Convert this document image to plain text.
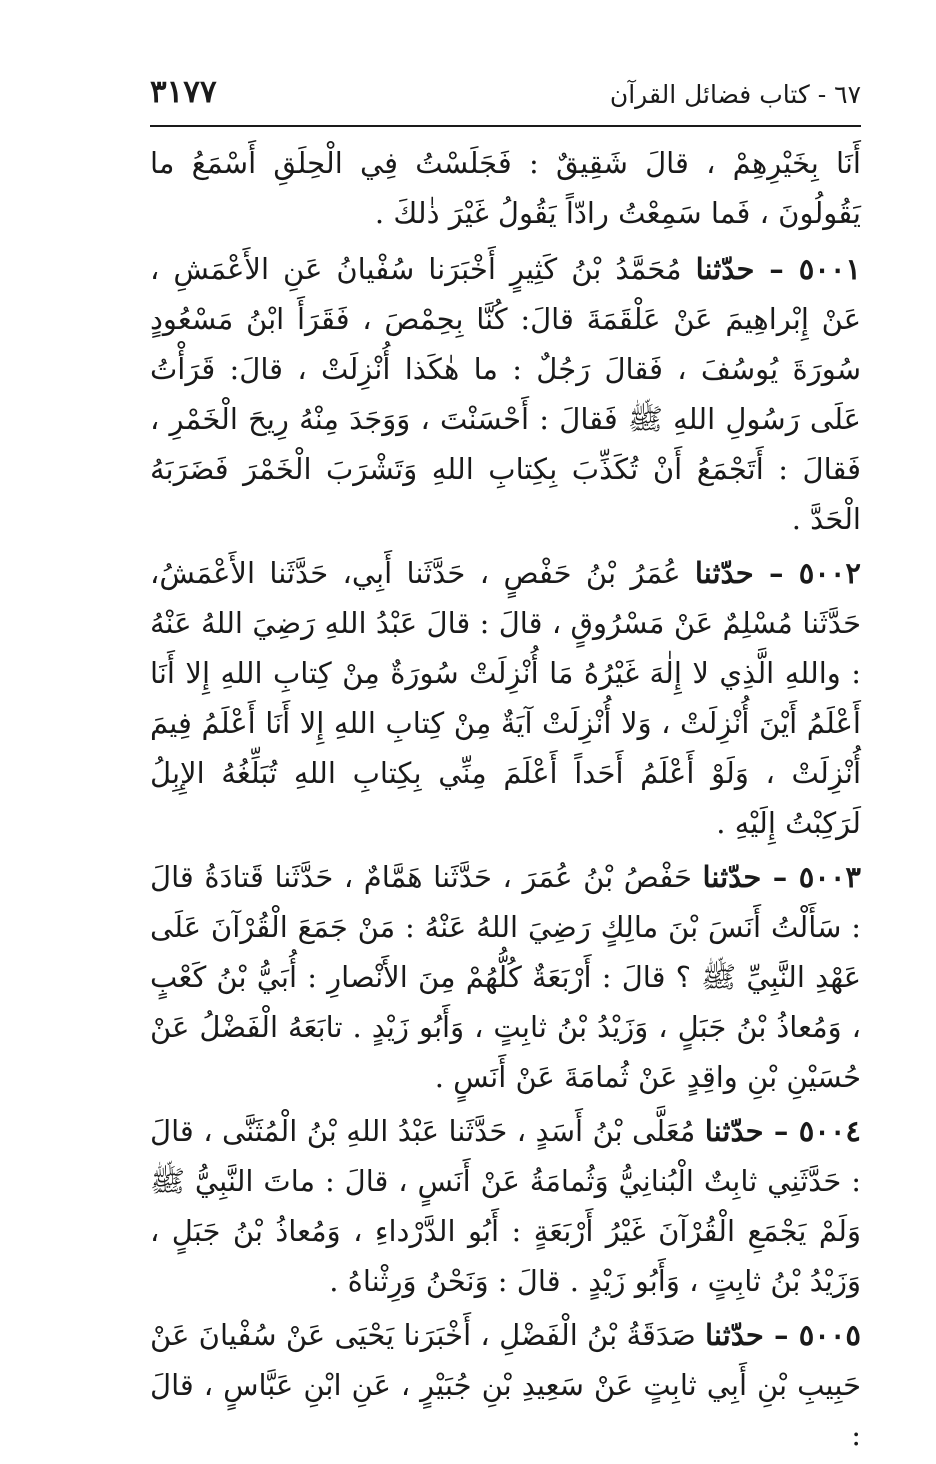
٦٧ - كتاب فضائل القرآن
٣١٧٧

أَنَا بِخَيْرِهِمْ ، قالَ شَقِيقٌ : فَجَلَسْتُ فِي الْحِلَقِ أَسْمَعُ ما يَقُولُونَ ، فَما سَمِعْتُ رادّاً يَقُولُ غَيْرَ ذٰلكَ .

٥٠٠١ – حدّثنا مُحَمَّدُ بْنُ كَثِيرٍ أَخْبَرَنا سُفْيانُ عَنِ الأَعْمَشِ ، عَنْ إِبْراهِيمَ عَنْ عَلْقَمَةَ قالَ: كُنَّا بِحِمْصَ ، فَقَرَأَ ابْنُ مَسْعُودٍ سُورَةَ يُوسُفَ ، فَقالَ رَجُلٌ : ما هٰكَذا أُنْزِلَتْ ، قالَ: قَرَأْتُ عَلَى رَسُولِ اللهِ ﷺ فَقالَ : أَحْسَنْتَ ، وَوَجَدَ مِنْهُ رِيحَ الْخَمْرِ ، فَقالَ : أَتَجْمَعُ أَنْ تُكَذِّبَ بِكِتابِ اللهِ وَتَشْرَبَ الْخَمْرَ فَضَرَبَهُ الْحَدَّ .

٥٠٠٢ – حدّثنا عُمَرُ بْنُ حَفْصٍ ، حَدَّثَنا أَبِي، حَدَّثَنا الأَعْمَشُ، حَدَّثَنا مُسْلِمٌ عَنْ مَسْرُوقٍ ، قالَ : قالَ عَبْدُ اللهِ رَضِيَ اللهُ عَنْهُ : واللهِ الَّذِي لا إِلٰهَ غَيْرُهُ مَا أُنْزِلَتْ سُورَةٌ مِنْ كِتابِ اللهِ إِلا أَنَا أَعْلَمُ أَيْنَ أُنْزِلَتْ ، وَلا أُنْزِلَتْ آيَةٌ مِنْ كِتابِ اللهِ إِلا أَنَا أَعْلَمُ فِيمَ أُنْزِلَتْ ، وَلَوْ أَعْلَمُ أَحَداً أَعْلَمَ مِنِّي بِكِتابِ اللهِ تُبَلِّغُهُ الإِبِلُ لَرَكِبْتُ إِلَيْهِ .

٥٠٠٣ – حدّثنا حَفْصُ بْنُ عُمَرَ ، حَدَّثَنا هَمَّامٌ ، حَدَّثَنا قَتادَةُ قالَ : سَأَلْتُ أَنَسَ بْنَ مالِكٍ رَضِيَ اللهُ عَنْهُ : مَنْ جَمَعَ الْقُرْآنَ عَلَى عَهْدِ النَّبِيِّ ﷺ ؟ قالَ : أَرْبَعَةٌ كُلُّهُمْ مِنَ الأَنْصارِ : أُبَيُّ بْنُ كَعْبٍ ، وَمُعاذُ بْنُ جَبَلٍ ، وَزَيْدُ بْنُ ثابِتٍ ، وَأَبُو زَيْدٍ . تابَعَهُ الْفَضْلُ عَنْ حُسَيْنِ بْنِ واقِدٍ عَنْ ثُمامَةَ عَنْ أَنَسٍ .

٥٠٠٤ – حدّثنا مُعَلَّى بْنُ أَسَدٍ ، حَدَّثَنا عَبْدُ اللهِ بْنُ الْمُثَنَّى ، قالَ : حَدَّثَنِي ثابِتٌ الْبُنانِيُّ وَثُمامَةُ عَنْ أَنَسٍ ، قالَ : ماتَ النَّبِيُّ ﷺ وَلَمْ يَجْمَعِ الْقُرْآنَ غَيْرُ أَرْبَعَةٍ : أَبُو الدَّرْداءِ ، وَمُعاذُ بْنُ جَبَلٍ ، وَزَيْدُ بْنُ ثابِتٍ ، وَأَبُو زَيْدٍ . قالَ : وَنَحْنُ وَرِثْناهُ .

٥٠٠٥ – حدّثنا صَدَقَةُ بْنُ الْفَضْلِ ، أَخْبَرَنا يَحْيَى عَنْ سُفْيانَ عَنْ حَبِيبِ بْنِ أَبِي ثابِتٍ عَنْ سَعِيدِ بْنِ جُبَيْرٍ ، عَنِ ابْنِ عَبَّاسٍ ، قالَ :
